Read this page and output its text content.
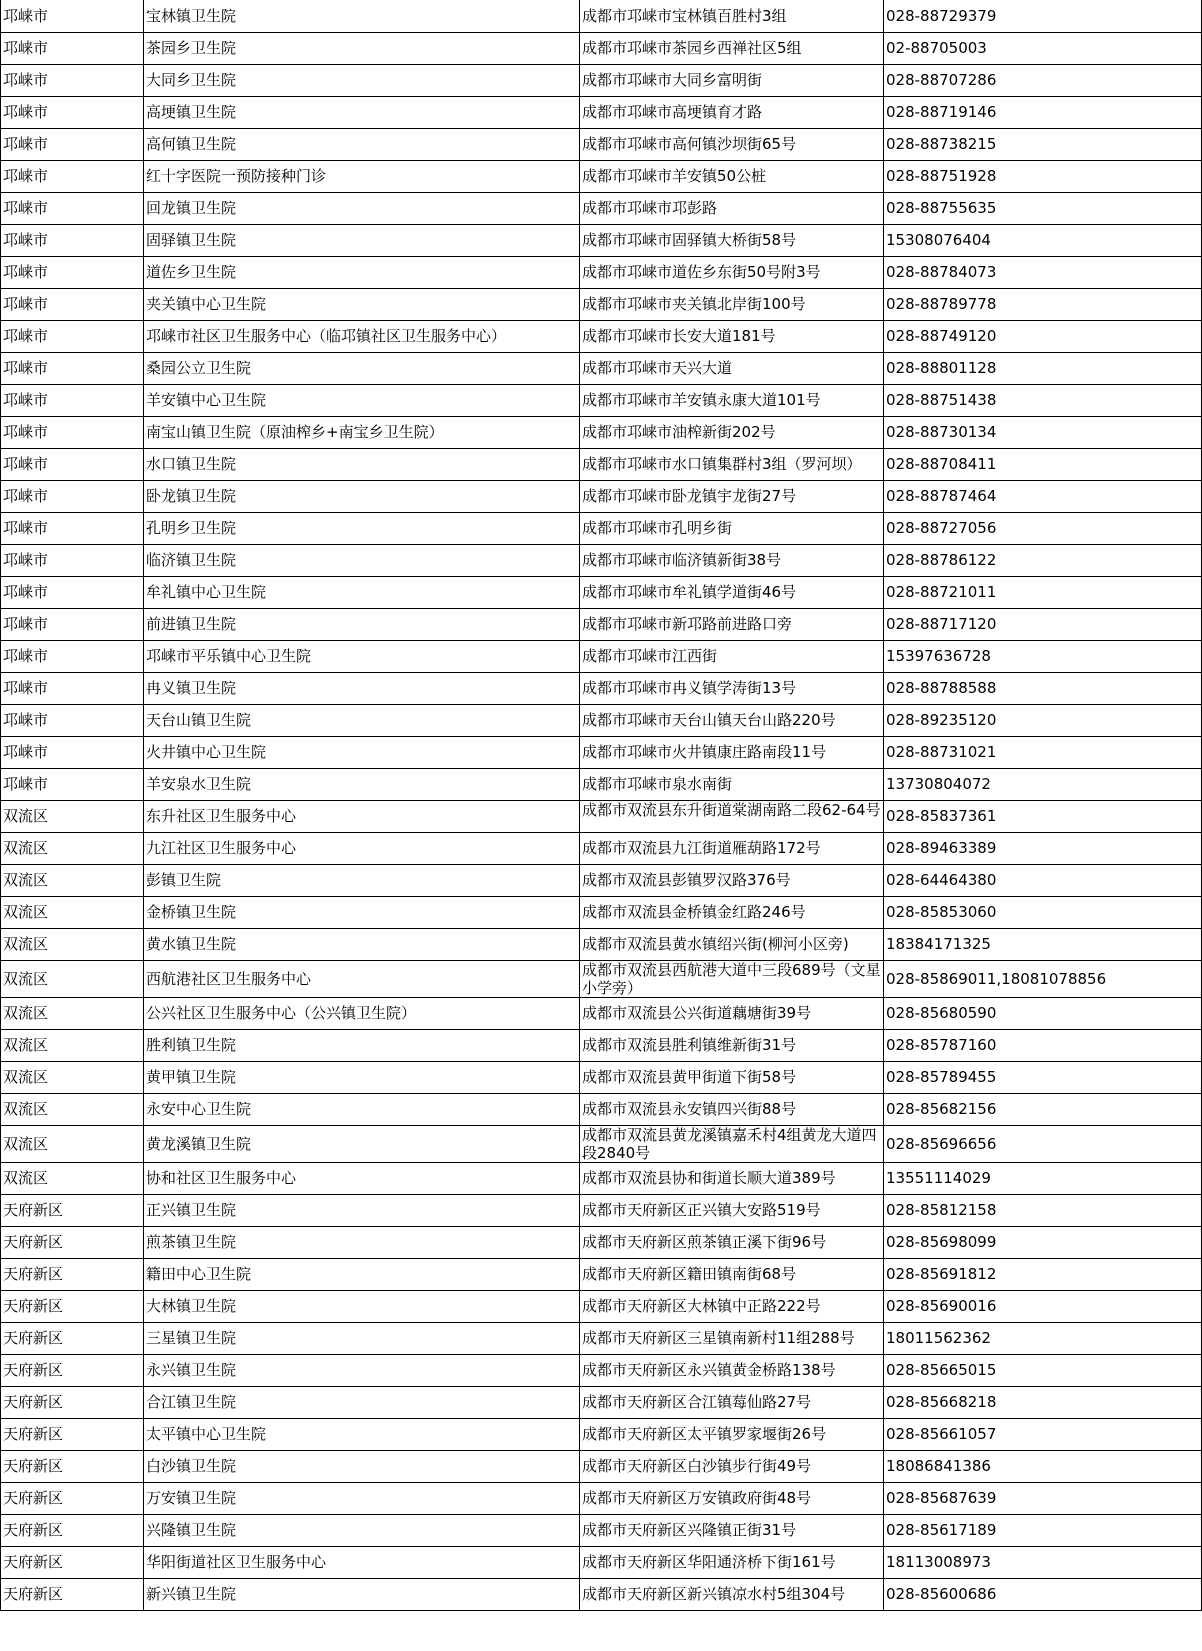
邛崃市	宝林镇卫生院	成都市邛崃市宝林镇百胜村3组	028-88729379
邛崃市	茶园乡卫生院	成都市邛崃市茶园乡西禅社区5组	02-88705003
邛崃市	大同乡卫生院	成都市邛崃市大同乡富明街	028-88707286
邛崃市	高埂镇卫生院	成都市邛崃市高埂镇育才路	028-88719146
邛崃市	高何镇卫生院	成都市邛崃市高何镇沙坝街65号	028-88738215
邛崃市	红十字医院一预防接种门诊	成都市邛崃市羊安镇50公桩	028-88751928
邛崃市	回龙镇卫生院	成都市邛崃市邛彭路	028-88755635
邛崃市	固驿镇卫生院	成都市邛崃市固驿镇大桥街58号	15308076404
邛崃市	道佐乡卫生院	成都市邛崃市道佐乡东街50号附3号	028-88784073
邛崃市	夹关镇中心卫生院	成都市邛崃市夹关镇北岸街100号	028-88789778
邛崃市	邛崃市社区卫生服务中心（临邛镇社区卫生服务中心）	成都市邛崃市长安大道181号	028-88749120
邛崃市	桑园公立卫生院	成都市邛崃市天兴大道	028-88801128
邛崃市	羊安镇中心卫生院	成都市邛崃市羊安镇永康大道101号	028-88751438
邛崃市	南宝山镇卫生院（原油榨乡+南宝乡卫生院）	成都市邛崃市油榨新街202号	028-88730134
邛崃市	水口镇卫生院	成都市邛崃市水口镇集群村3组（罗河坝）	028-88708411
邛崃市	卧龙镇卫生院	成都市邛崃市卧龙镇宇龙街27号	028-88787464
邛崃市	孔明乡卫生院	成都市邛崃市孔明乡街	028-88727056
邛崃市	临济镇卫生院	成都市邛崃市临济镇新街38号	028-88786122
邛崃市	牟礼镇中心卫生院	成都市邛崃市牟礼镇学道街46号	028-88721011
邛崃市	前进镇卫生院	成都市邛崃市新邛路前进路口旁	028-88717120
邛崃市	邛崃市平乐镇中心卫生院	成都市邛崃市江西街	15397636728
邛崃市	冉义镇卫生院	成都市邛崃市冉义镇学涛街13号	028-88788588
邛崃市	天台山镇卫生院	成都市邛崃市天台山镇天台山路220号	028-89235120
邛崃市	火井镇中心卫生院	成都市邛崃市火井镇康庄路南段11号	028-88731021
邛崃市	羊安泉水卫生院	成都市邛崃市泉水南街	13730804072
双流区	东升社区卫生服务中心	成都市双流县东升街道棠湖南路二段62-64号	028-85837361
双流区	九江社区卫生服务中心	成都市双流县九江街道雁葫路172号	028-89463389
双流区	彭镇卫生院	成都市双流县彭镇罗汉路376号	028-64464380
双流区	金桥镇卫生院	成都市双流县金桥镇金红路246号	028-85853060
双流区	黄水镇卫生院	成都市双流县黄水镇绍兴街(柳河小区旁)	18384171325
双流区	西航港社区卫生服务中心	成都市双流县西航港大道中三段689号（文星小学旁）	028-85869011,18081078856
双流区	公兴社区卫生服务中心（公兴镇卫生院）	成都市双流县公兴街道藕塘街39号	028-85680590
双流区	胜利镇卫生院	成都市双流县胜利镇维新街31号	028-85787160
双流区	黄甲镇卫生院	成都市双流县黄甲街道下街58号	028-85789455
双流区	永安中心卫生院	成都市双流县永安镇四兴街88号	028-85682156
双流区	黄龙溪镇卫生院	成都市双流县黄龙溪镇嘉禾村4组黄龙大道四段2840号	028-85696656
双流区	协和社区卫生服务中心	成都市双流县协和街道长顺大道389号	13551114029
天府新区	正兴镇卫生院	成都市天府新区正兴镇大安路519号	028-85812158
天府新区	煎茶镇卫生院	成都市天府新区煎茶镇正溪下街96号	028-85698099
天府新区	籍田中心卫生院	成都市天府新区籍田镇南街68号	028-85691812
天府新区	大林镇卫生院	成都市天府新区大林镇中正路222号	028-85690016
天府新区	三星镇卫生院	成都市天府新区三星镇南新村11组288号	18011562362
天府新区	永兴镇卫生院	成都市天府新区永兴镇黄金桥路138号	028-85665015
天府新区	合江镇卫生院	成都市天府新区合江镇莓仙路27号	028-85668218
天府新区	太平镇中心卫生院	成都市天府新区太平镇罗家堰街26号	028-85661057
天府新区	白沙镇卫生院	成都市天府新区白沙镇步行街49号	18086841386
天府新区	万安镇卫生院	成都市天府新区万安镇政府街48号	028-85687639
天府新区	兴隆镇卫生院	成都市天府新区兴隆镇正街31号	028-85617189
天府新区	华阳街道社区卫生服务中心	成都市天府新区华阳通济桥下街161号	18113008973
天府新区	新兴镇卫生院	成都市天府新区新兴镇凉水村5组304号	028-85600686
